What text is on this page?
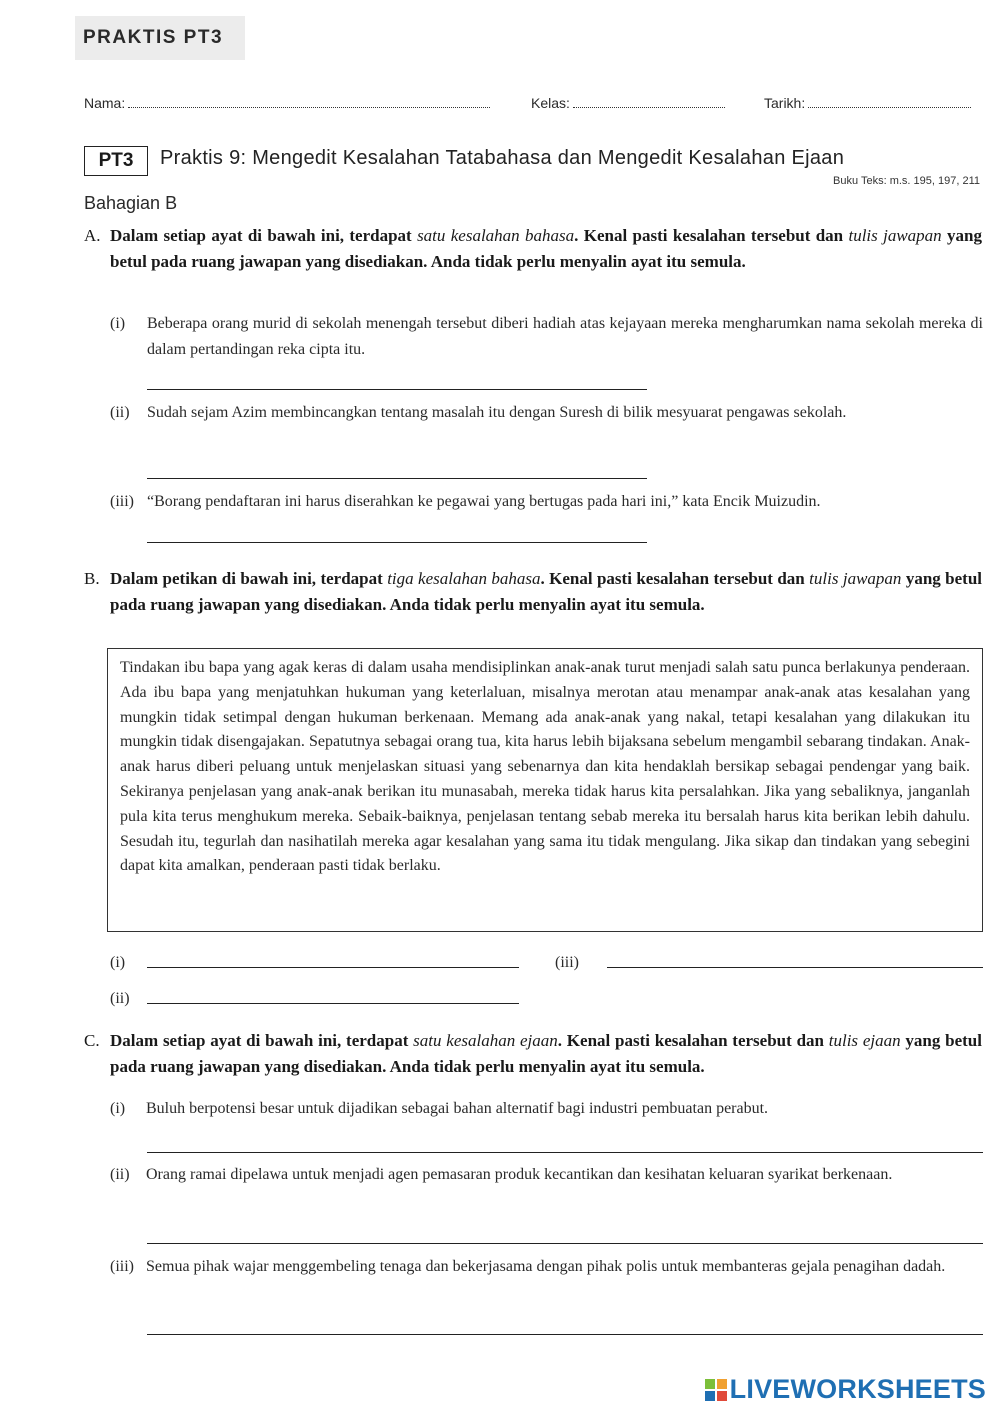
PRAKTIS PT3
Nama:	Kelas:	Tarikh:
PT3	Praktis 9: Mengedit Kesalahan Tatabahasa dan Mengedit Kesalahan Ejaan
Buku Teks: m.s. 195, 197, 211
Bahagian B
A. Dalam setiap ayat di bawah ini, terdapat satu kesalahan bahasa. Kenal pasti kesalahan tersebut dan tulis jawapan yang betul pada ruang jawapan yang disediakan. Anda tidak perlu menyalin ayat itu semula.
(i) Beberapa orang murid di sekolah menengah tersebut diberi hadiah atas kejayaan mereka mengharumkan nama sekolah mereka di dalam pertandingan reka cipta itu.
(ii) Sudah sejam Azim membincangkan tentang masalah itu dengan Suresh di bilik mesyuarat pengawas sekolah.
(iii) “Borang pendaftaran ini harus diserahkan ke pegawai yang bertugas pada hari ini,” kata Encik Muizudin.
B. Dalam petikan di bawah ini, terdapat tiga kesalahan bahasa. Kenal pasti kesalahan tersebut dan tulis jawapan yang betul pada ruang jawapan yang disediakan. Anda tidak perlu menyalin ayat itu semula.
Tindakan ibu bapa yang agak keras di dalam usaha mendisiplinkan anak-anak turut menjadi salah satu punca berlakunya penderaan. Ada ibu bapa yang menjatuhkan hukuman yang keterlaluan, misalnya merotan atau menampar anak-anak atas kesalahan yang mungkin tidak setimpal dengan hukuman berkenaan. Memang ada anak-anak yang nakal, tetapi kesalahan yang dilakukan itu mungkin tidak disengajakan. Sepatutnya sebagai orang tua, kita harus lebih bijaksana sebelum mengambil sebarang tindakan. Anak-anak harus diberi peluang untuk menjelaskan situasi yang sebenarnya dan kita hendaklah bersikap sebagai pendengar yang baik. Sekiranya penjelasan yang anak-anak berikan itu munasabah, mereka tidak harus kita persalahkan. Jika yang sebaliknya, janganlah pula kita terus menghukum mereka. Sebaik-baiknya, penjelasan tentang sebab mereka itu bersalah harus kita berikan lebih dahulu. Sesudah itu, tegurlah dan nasihatilah mereka agar kesalahan yang sama itu tidak mengulang. Jika sikap dan tindakan yang sebegini dapat kita amalkan, penderaan pasti tidak berlaku.
(i)	(iii)
(ii)
C. Dalam setiap ayat di bawah ini, terdapat satu kesalahan ejaan. Kenal pasti kesalahan tersebut dan tulis ejaan yang betul pada ruang jawapan yang disediakan. Anda tidak perlu menyalin ayat itu semula.
(i) Buluh berpotensi besar untuk dijadikan sebagai bahan alternatif bagi industri pembuatan perabut.
(ii) Orang ramai dipelawa untuk menjadi agen pemasaran produk kecantikan dan kesihatan keluaran syarikat berkenaan.
(iii) Semua pihak wajar menggembeling tenaga dan bekerjasama dengan pihak polis untuk membanteras gejala penagihan dadah.
LIVEWORKSHEETS
